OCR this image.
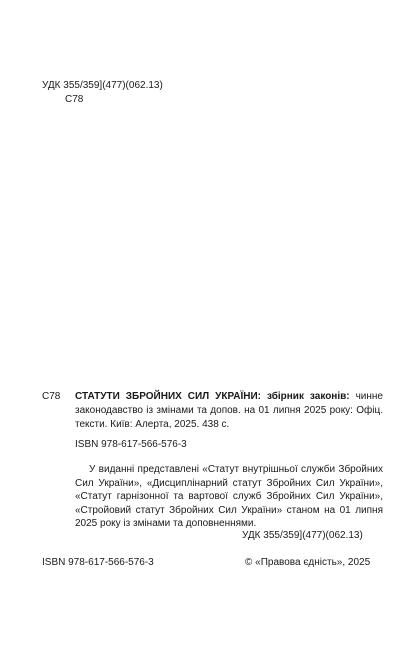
УДК 355/359](477)(062.13)
С78
С78 СТАТУТИ ЗБРОЙНИХ СИЛ УКРАЇНИ: збірник законів: чинне законодавство із змінами та допов. на 01 липня 2025 року: Офіц. тексти. Київ: Алерта, 2025. 438 с.

ISBN 978-617-566-576-3

У виданні представлені «Статут внутрішньої служби Збройних Сил України», «Дисциплінарний статут Збройних Сил України», «Статут гарнізонної та вартової служб Збройних Сил України», «Стройовий статут Збройних Сил України» станом на 01 липня 2025 року із змінами та доповненнями.

УДК 355/359](477)(062.13)
ISBN 978-617-566-576-3	© «Правова єдність», 2025
